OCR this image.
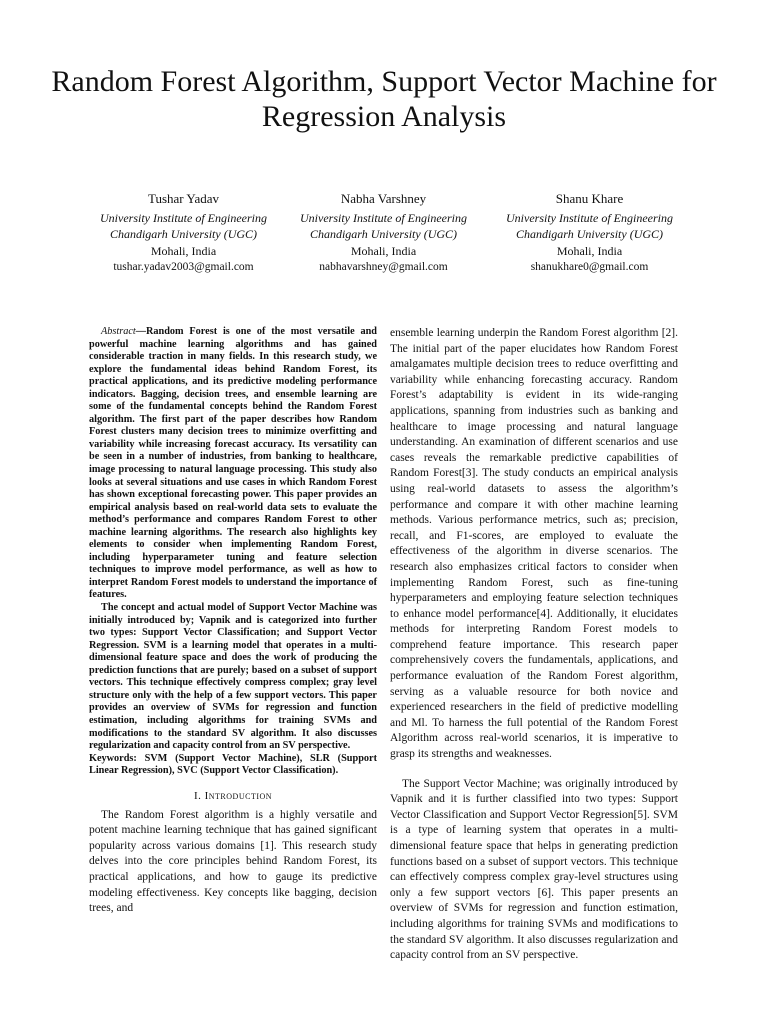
Random Forest Algorithm, Support Vector Machine for Regression Analysis
Tushar Yadav
University Institute of Engineering
Chandigarh University (UGC)
Mohali, India
tushar.yadav2003@gmail.com
Nabha Varshney
University Institute of Engineering
Chandigarh University (UGC)
Mohali, India
nabhavarshney@gmail.com
Shanu Khare
University Institute of Engineering
Chandigarh University (UGC)
Mohali, India
shanukhare0@gmail.com

Abstract—Random Forest is one of the most versatile and powerful machine learning algorithms and has gained considerable traction in many fields. In this research study, we explore the fundamental ideas behind Random Forest, its practical applications, and its predictive modeling performance indicators. Bagging, decision trees, and ensemble learning are some of the fundamental concepts behind the Random Forest algorithm. The first part of the paper describes how Random Forest clusters many decision trees to minimize overfitting and variability while increasing forecast accuracy. Its versatility can be seen in a number of industries, from banking to healthcare, image processing to natural language processing. This study also looks at several situations and use cases in which Random Forest has shown exceptional forecasting power. This paper provides an empirical analysis based on real-world data sets to evaluate the method’s performance and compares Random Forest to other machine learning algorithms. The research also highlights key elements to consider when implementing Random Forest, including hyperparameter tuning and feature selection techniques to improve model performance, as well as how to interpret Random Forest models to understand the importance of features.

The concept and actual model of Support Vector Machine was initially introduced by; Vapnik and is categorized into further two types: Support Vector Classification; and Support Vector Regression. SVM is a learning model that operates in a multi-dimensional feature space and does the work of producing the prediction functions that are purely; based on a subset of support vectors. This technique effectively compress complex; gray level structure only with the help of a few support vectors. This paper provides an overview of SVMs for regression and function estimation, including algorithms for training SVMs and modifications to the standard SV algorithm. It also discusses regularization and capacity control from an SV perspective.

Keywords: SVM (Support Vector Machine), SLR (Support Linear Regression), SVC (Support Vector Classification).

I. Introduction

The Random Forest algorithm is a highly versatile and potent machine learning technique that has gained significant popularity across various domains [1]. This research study delves into the core principles behind Random Forest, its practical applications, and how to gauge its predictive modeling effectiveness. Key concepts like bagging, decision trees, and

ensemble learning underpin the Random Forest algorithm [2]. The initial part of the paper elucidates how Random Forest amalgamates multiple decision trees to reduce overfitting and variability while enhancing forecasting accuracy. Random Forest’s adaptability is evident in its wide-ranging applications, spanning from industries such as banking and healthcare to image processing and natural language understanding. An examination of different scenarios and use cases reveals the remarkable predictive capabilities of Random Forest[3]. The study conducts an empirical analysis using real-world datasets to assess the algorithm’s performance and compare it with other machine learning methods. Various performance metrics, such as; precision, recall, and F1-scores, are employed to evaluate the effectiveness of the algorithm in diverse scenarios. The research also emphasizes critical factors to consider when implementing Random Forest, such as fine-tuning hyperparameters and employing feature selection techniques to enhance model performance[4]. Additionally, it elucidates methods for interpreting Random Forest models to comprehend feature importance. This research paper comprehensively covers the fundamentals, applications, and performance evaluation of the Random Forest algorithm, serving as a valuable resource for both novice and experienced researchers in the field of predictive modelling and Ml. To harness the full potential of the Random Forest Algorithm across real-world scenarios, it is imperative to grasp its strengths and weaknesses.

The Support Vector Machine; was originally introduced by Vapnik and it is further classified into two types: Support Vector Classification and Support Vector Regression[5]. SVM is a type of learning system that operates in a multi-dimensional feature space that helps in generating prediction functions based on a subset of support vectors. This technique can effectively compress complex gray-level structures using only a few support vectors [6]. This paper presents an overview of SVMs for regression and function estimation, including algorithms for training SVMs and modifications to the standard SV algorithm. It also discusses regularization and capacity control from an SV perspective.
